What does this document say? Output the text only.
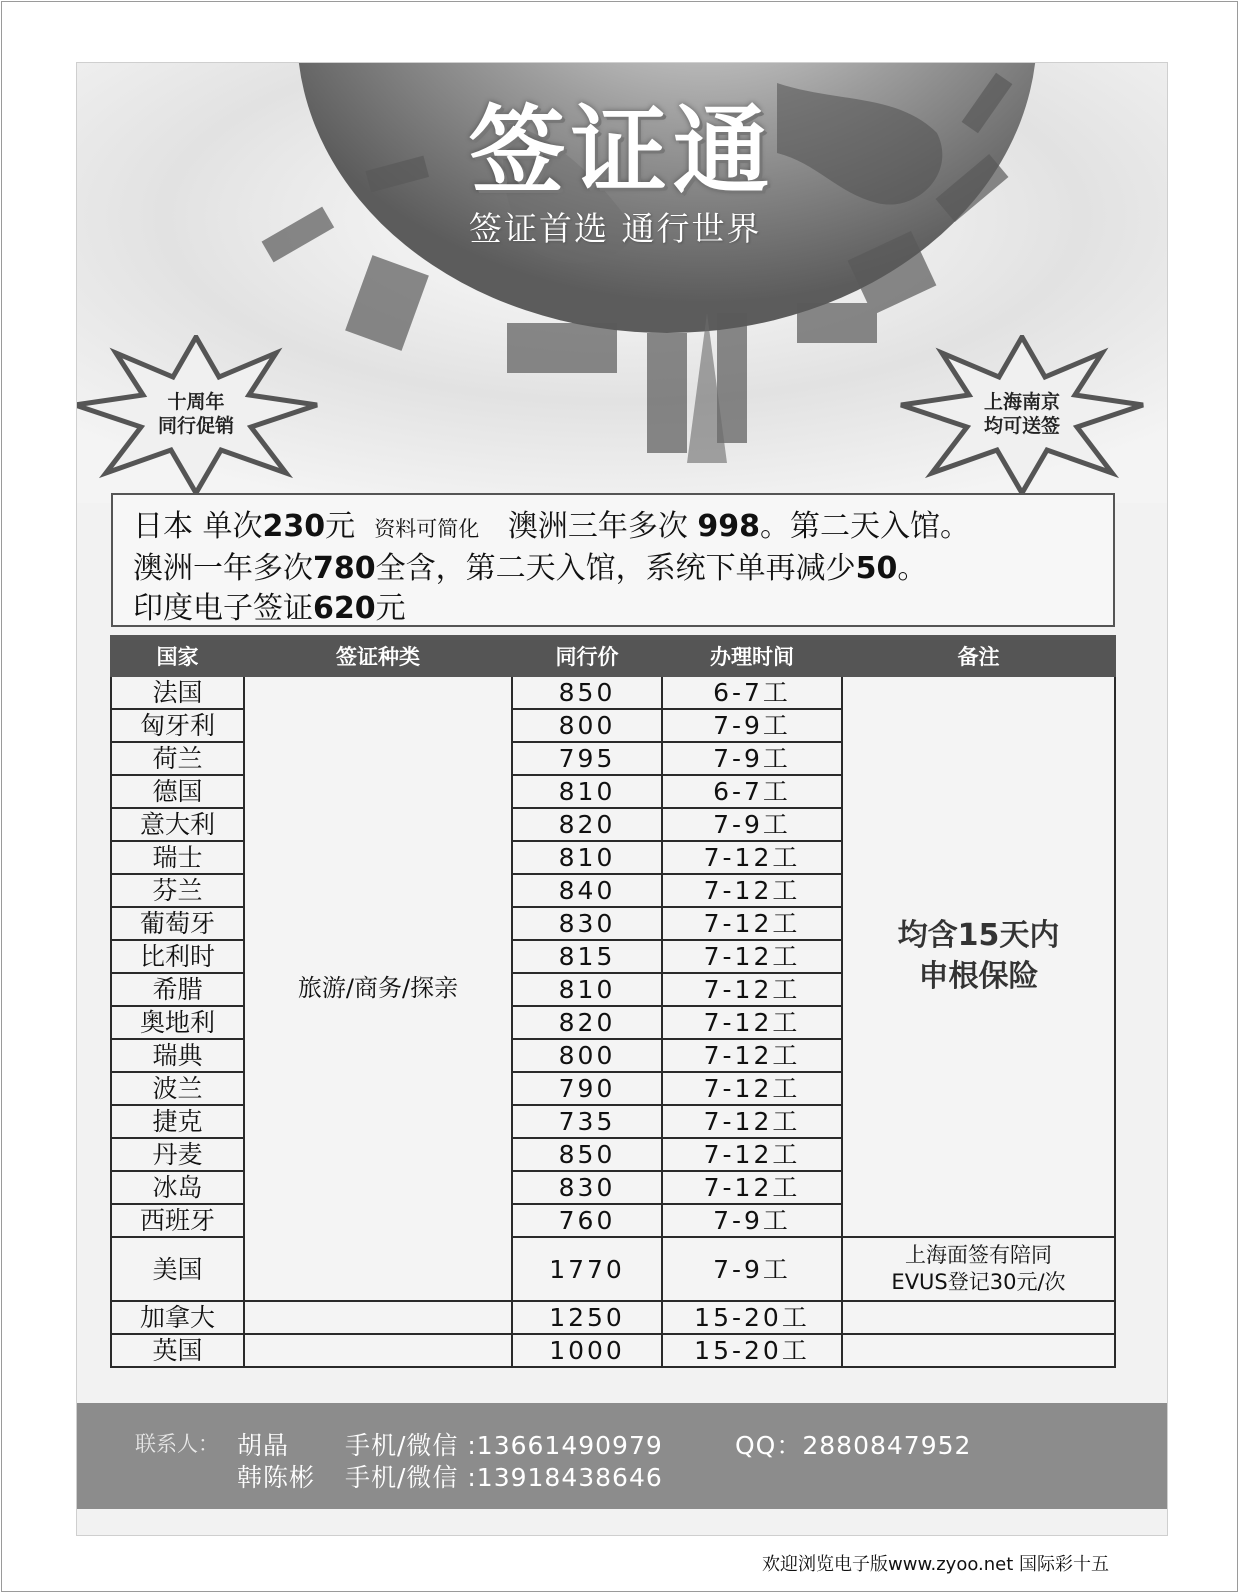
签证通
签证首选 通行世界
十周年
同行促销
上海南京
均可送签
日本 单次230元 资料可简化 澳洲三年多次 998。第二天入馆。
澳洲一年多次780全含，第二天入馆，系统下单再减少50。
印度电子签证620元
国家	签证种类	同行价	办理时间	备注
法国	旅游/商务/探亲	850	6-7工	均含15天内
申根保险

匈牙利		800	7-9工	
荷兰		795	7-9工	
德国		810	6-7工	
意大利		820	7-9工	
瑞士		810	7-12工	
芬兰		840	7-12工	
葡萄牙		830	7-12工	
比利时		815	7-12工	
希腊		810	7-12工	
奥地利		820	7-12工	
瑞典		800	7-12工	
波兰		790	7-12工	
捷克		735	7-12工	
丹麦		850	7-12工	
冰岛		830	7-12工	
西班牙		760	7-9工	
美国		1770	7-9工	上海面签有陪同
EVUS登记30元/次

加拿大		1250	15-20工	
英国		1000	15-20工	
联系人： 胡晶 手机/微信 :13661490979	QQ：2880847952
韩陈彬 手机/微信 :13918438646
欢迎浏览电子版www.zyoo.net 国际彩十五
